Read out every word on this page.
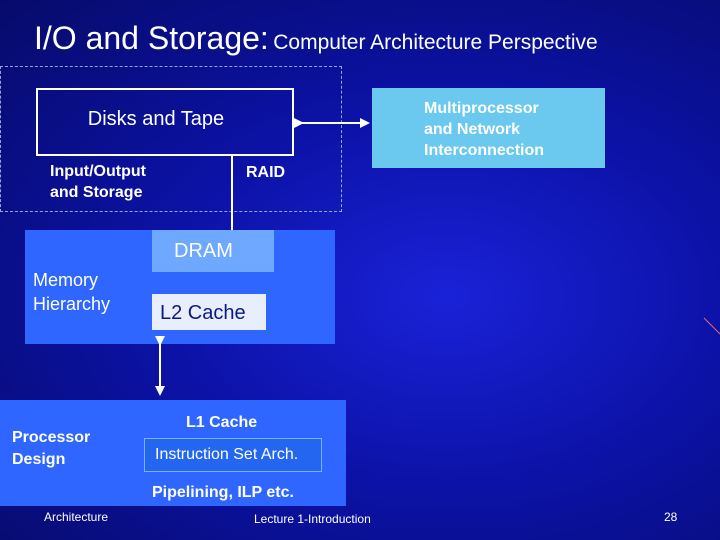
I/O and Storage: Computer Architecture Perspective
Disks and Tape
Input/Output
and Storage
RAID
Multiprocessor
and Network
Interconnection
Memory
Hierarchy
DRAM
L2 Cache
Processor
Design
L1 Cache
Instruction Set Arch.
Pipelining, ILP etc.
Architecture	Lecture 1-Introduction	28
